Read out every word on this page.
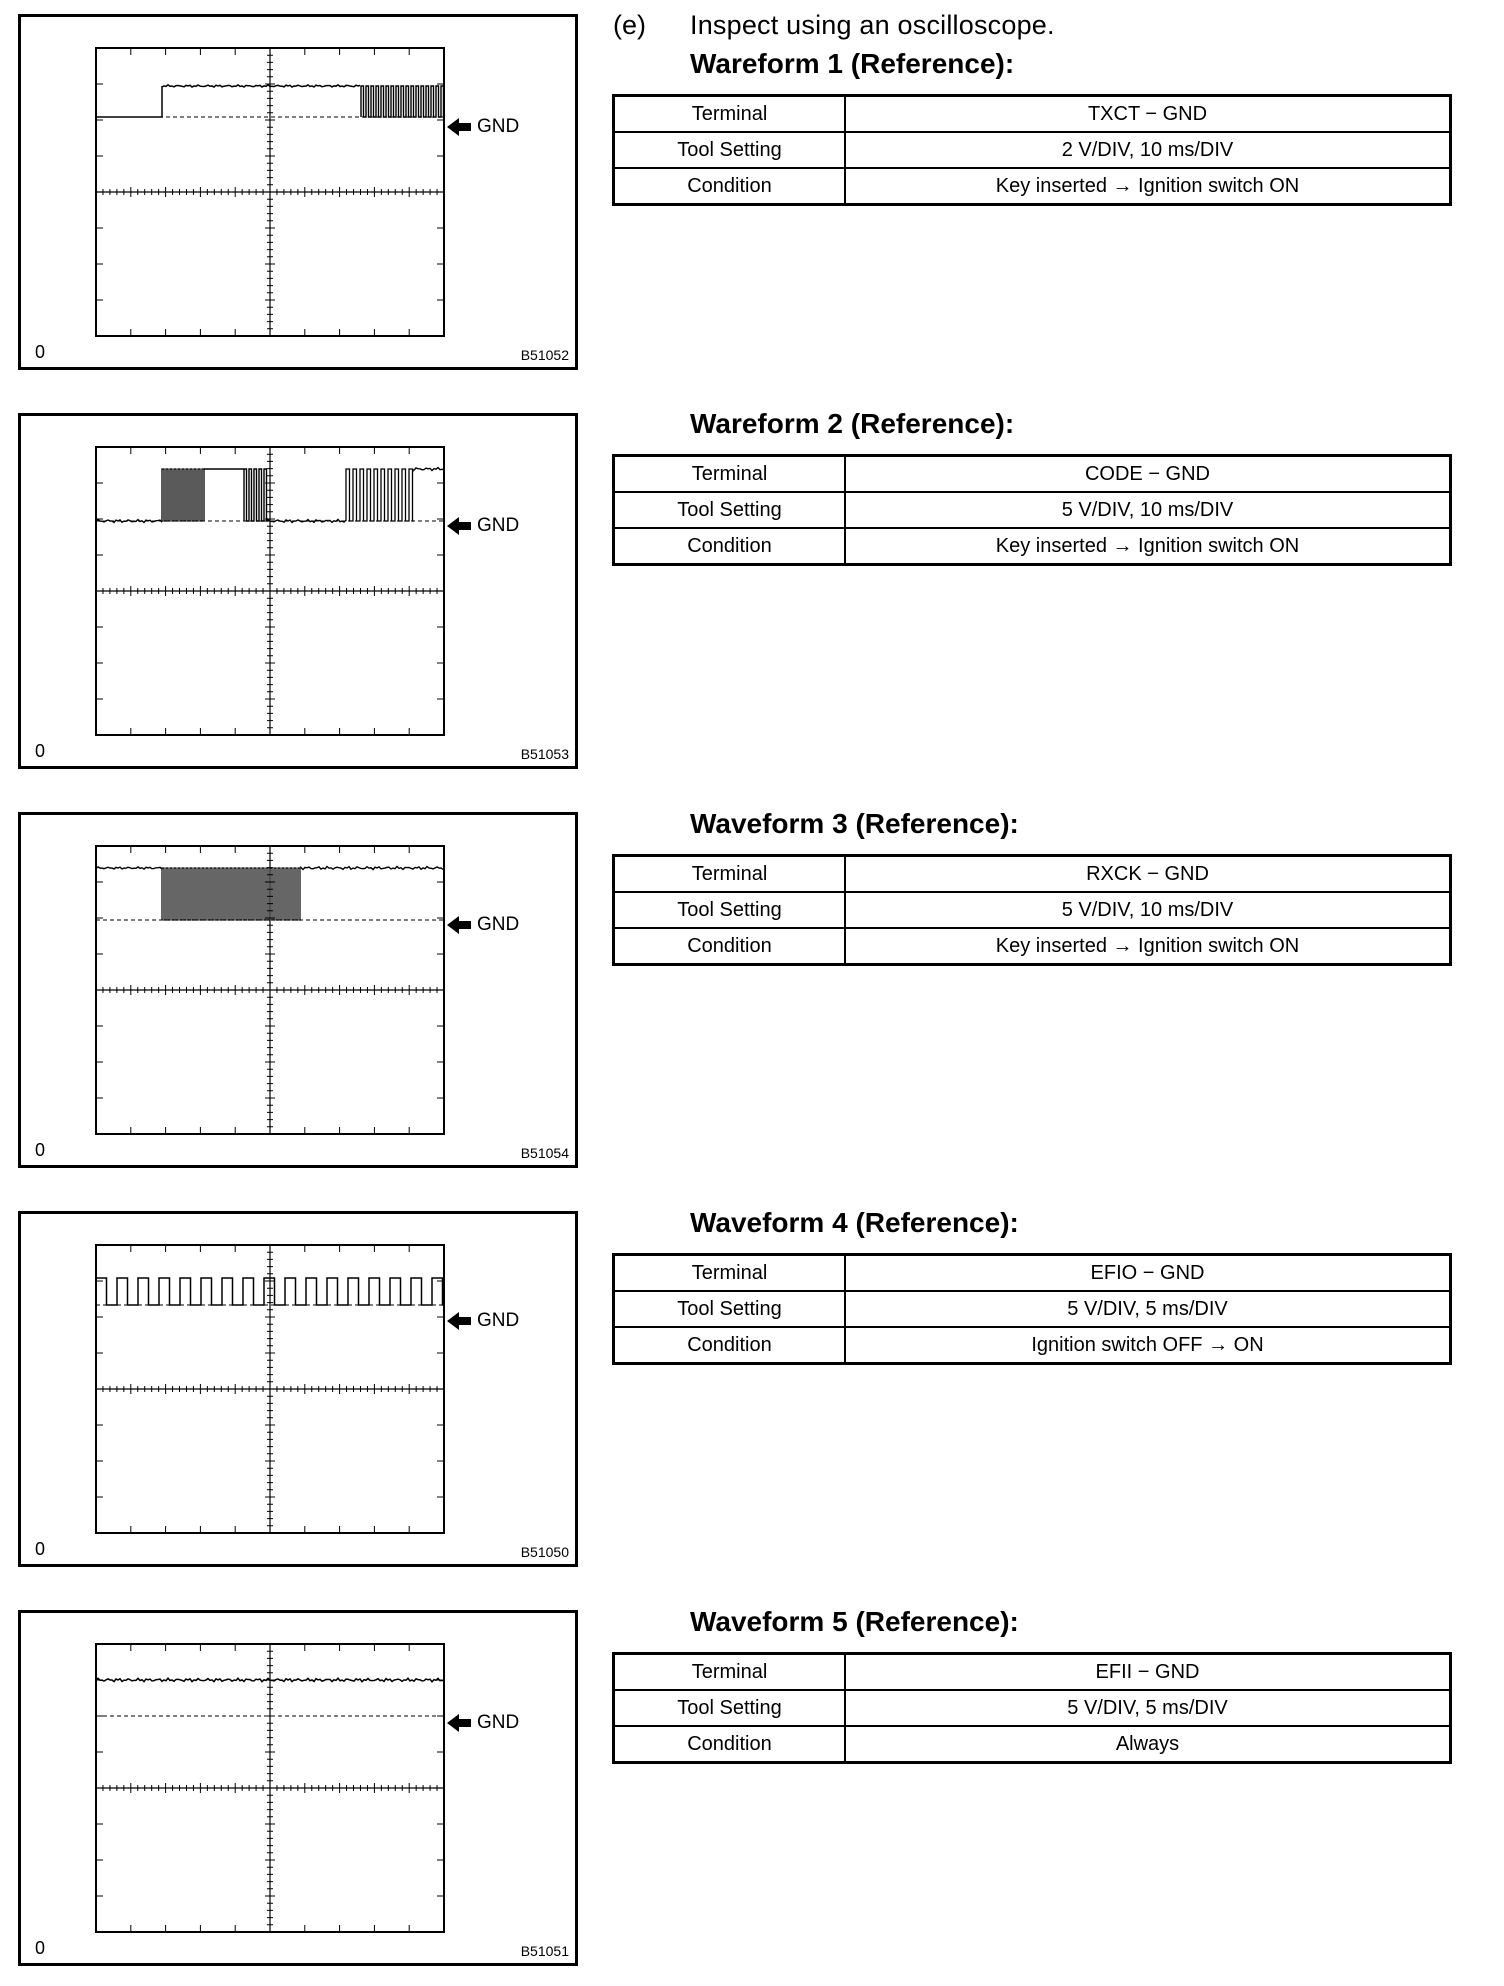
(e) Inspect using an oscilloscope.
GND
0	B51052
Wareform 1 (Reference):
Terminal	TXCT − GND
Tool Setting	2 V/DIV, 10 ms/DIV
Condition	Key inserted → Ignition switch ON
GND
0	B51053
Wareform 2 (Reference):
Terminal	CODE − GND
Tool Setting	5 V/DIV, 10 ms/DIV
Condition	Key inserted → Ignition switch ON
GND
0	B51054
Waveform 3 (Reference):
Terminal	RXCK − GND
Tool Setting	5 V/DIV, 10 ms/DIV
Condition	Key inserted → Ignition switch ON
GND
0	B51050
Waveform 4 (Reference):
Terminal	EFIO − GND
Tool Setting	5 V/DIV, 5 ms/DIV
Condition	Ignition switch OFF → ON
GND
0	B51051
Waveform 5 (Reference):
Terminal	EFII − GND
Tool Setting	5 V/DIV, 5 ms/DIV
Condition	Always
